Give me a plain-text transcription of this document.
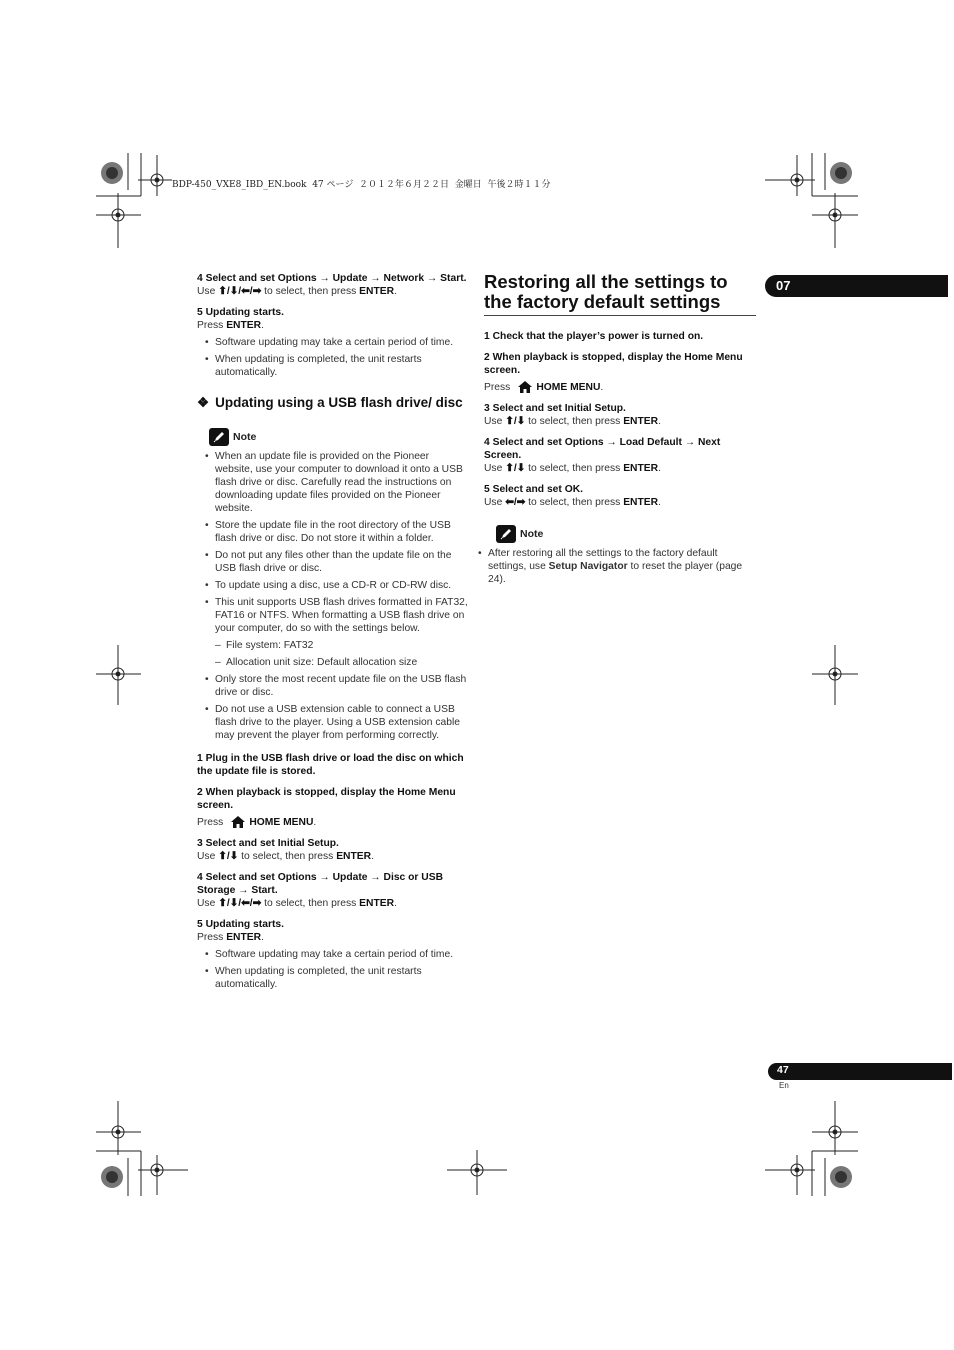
BDP-450_VXE8_IBD_EN.book  47 ページ  ２０１２年６月２２日  金曜日  午後２時１１分
07
4 Select and set Options → Update → Network → Start.
Use ⬆/⬇/⬅/➡ to select, then press ENTER.
5 Updating starts.
Press ENTER.
• Software updating may take a certain period of time.
• When updating is completed, the unit restarts automatically.
❖ Updating using a USB flash drive/ disc
Note
• When an update file is provided on the Pioneer website, use your computer to download it onto a USB flash drive or disc. Carefully read the instructions on downloading update files provided on the Pioneer website.
• Store the update file in the root directory of the USB flash drive or disc. Do not store it within a folder.
• Do not put any files other than the update file on the USB flash drive or disc.
• To update using a disc, use a CD-R or CD-RW disc.
• This unit supports USB flash drives formatted in FAT32, FAT16 or NTFS. When formatting a USB flash drive on your computer, do so with the settings below.
– File system: FAT32
– Allocation unit size: Default allocation size
• Only store the most recent update file on the USB flash drive or disc.
• Do not use a USB extension cable to connect a USB flash drive to the player. Using a USB extension cable may prevent the player from performing correctly.
1 Plug in the USB flash drive or load the disc on which the update file is stored.
2 When playback is stopped, display the Home Menu screen.
Press	HOME MENU.
3 Select and set Initial Setup.
Use ⬆/⬇ to select, then press ENTER.
4 Select and set Options → Update → Disc or USB Storage → Start.
Use ⬆/⬇/⬅/➡ to select, then press ENTER.
5 Updating starts.
Press ENTER.
• Software updating may take a certain period of time.
• When updating is completed, the unit restarts automatically.
Restoring all the settings to the factory default settings
1 Check that the player’s power is turned on.
2 When playback is stopped, display the Home Menu screen.
Press	HOME MENU.
3 Select and set Initial Setup.
Use ⬆/⬇ to select, then press ENTER.
4 Select and set Options → Load Default → Next Screen.
Use ⬆/⬇ to select, then press ENTER.
5 Select and set OK.
Use ⬅/➡ to select, then press ENTER.
Note
• After restoring all the settings to the factory default settings, use Setup Navigator to reset the player (page 24).
47
En
